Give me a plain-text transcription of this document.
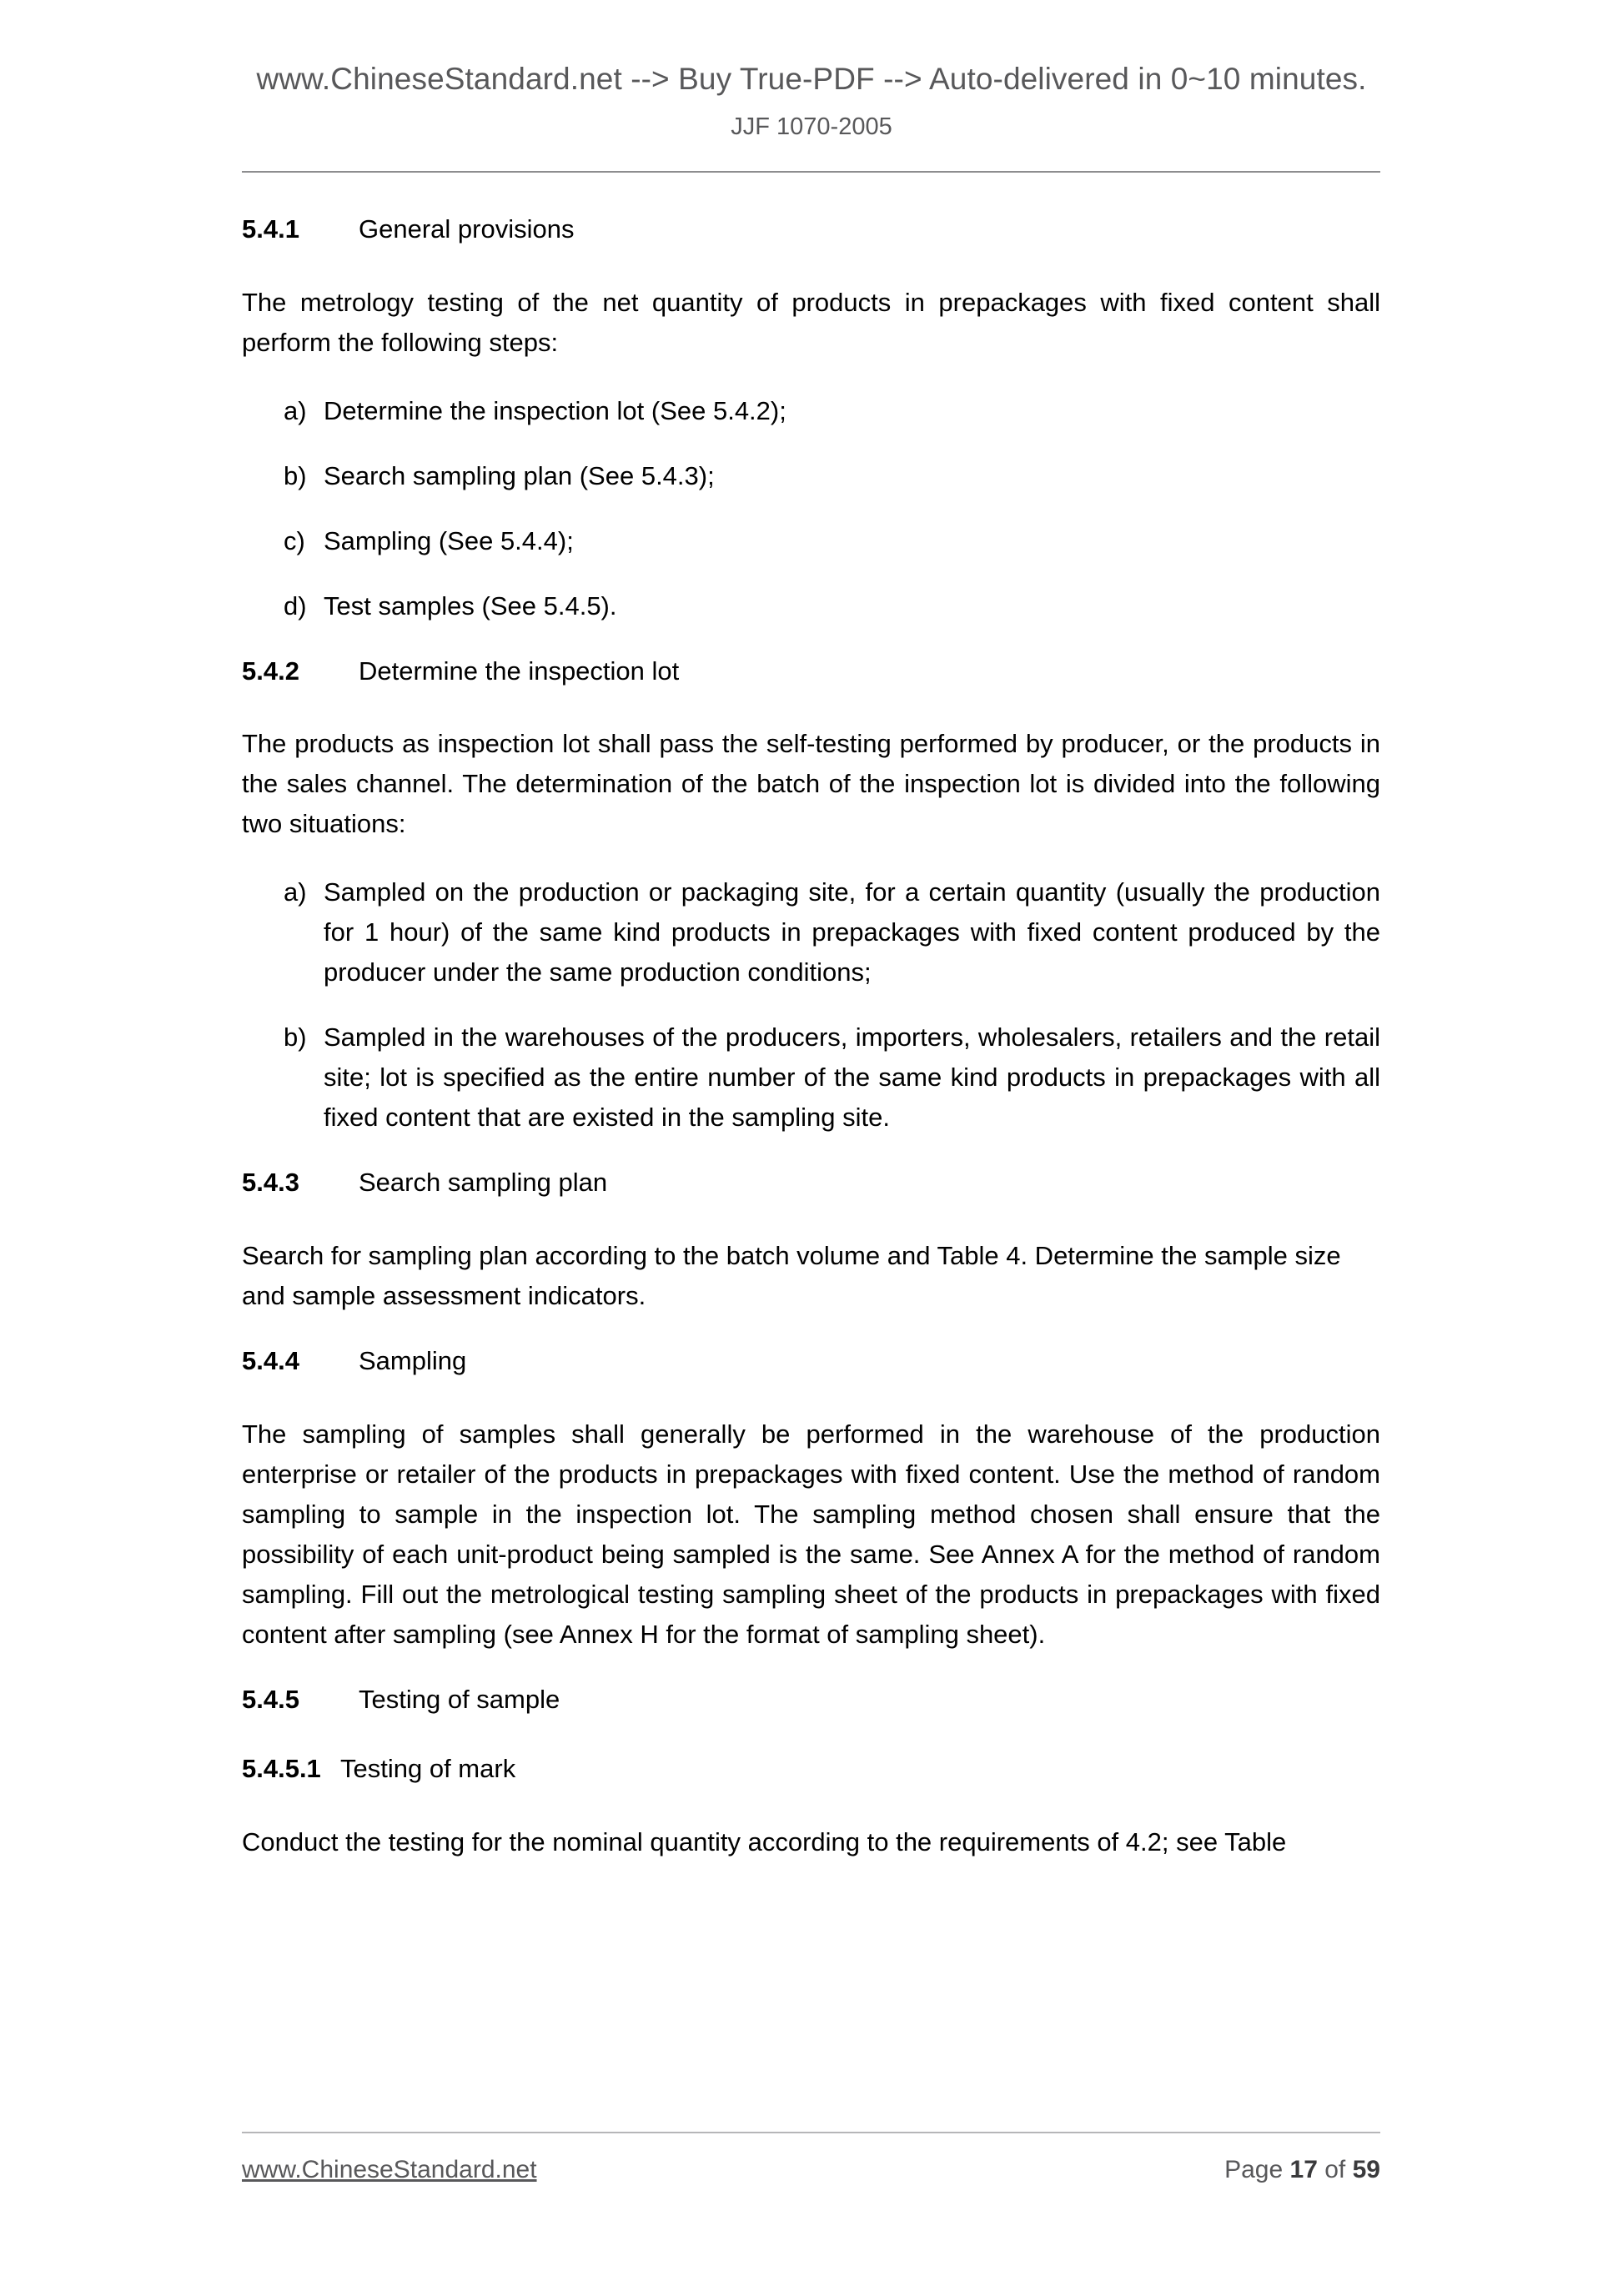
www.ChineseStandard.net --> Buy True-PDF --> Auto-delivered in 0~10 minutes.
JJF 1070-2005
5.4.1 General provisions

The metrology testing of the net quantity of products in prepackages with fixed content shall perform the following steps:

a) Determine the inspection lot (See 5.4.2);
b) Search sampling plan (See 5.4.3);
c) Sampling (See 5.4.4);
d) Test samples (See 5.4.5).
5.4.2 Determine the inspection lot

The products as inspection lot shall pass the self-testing performed by producer, or the products in the sales channel. The determination of the batch of the inspection lot is divided into the following two situations:

a) Sampled on the production or packaging site, for a certain quantity (usually the production for 1 hour) of the same kind products in prepackages with fixed content produced by the producer under the same production conditions;
b) Sampled in the warehouses of the producers, importers, wholesalers, retailers and the retail site; lot is specified as the entire number of the same kind products in prepackages with all fixed content that are existed in the sampling site.
5.4.3 Search sampling plan

Search for sampling plan according to the batch volume and Table 4. Determine the sample size and sample assessment indicators.

5.4.4 Sampling

The sampling of samples shall generally be performed in the warehouse of the production enterprise or retailer of the products in prepackages with fixed content. Use the method of random sampling to sample in the inspection lot. The sampling method chosen shall ensure that the possibility of each unit-product being sampled is the same. See Annex A for the method of random sampling. Fill out the metrological testing sampling sheet of the products in prepackages with fixed content after sampling (see Annex H for the format of sampling sheet).

5.4.5 Testing of sample
5.4.5.1 Testing of mark

Conduct the testing for the nominal quantity according to the requirements of 4.2; see Table

www.ChineseStandard.net	Page 17 of 59
